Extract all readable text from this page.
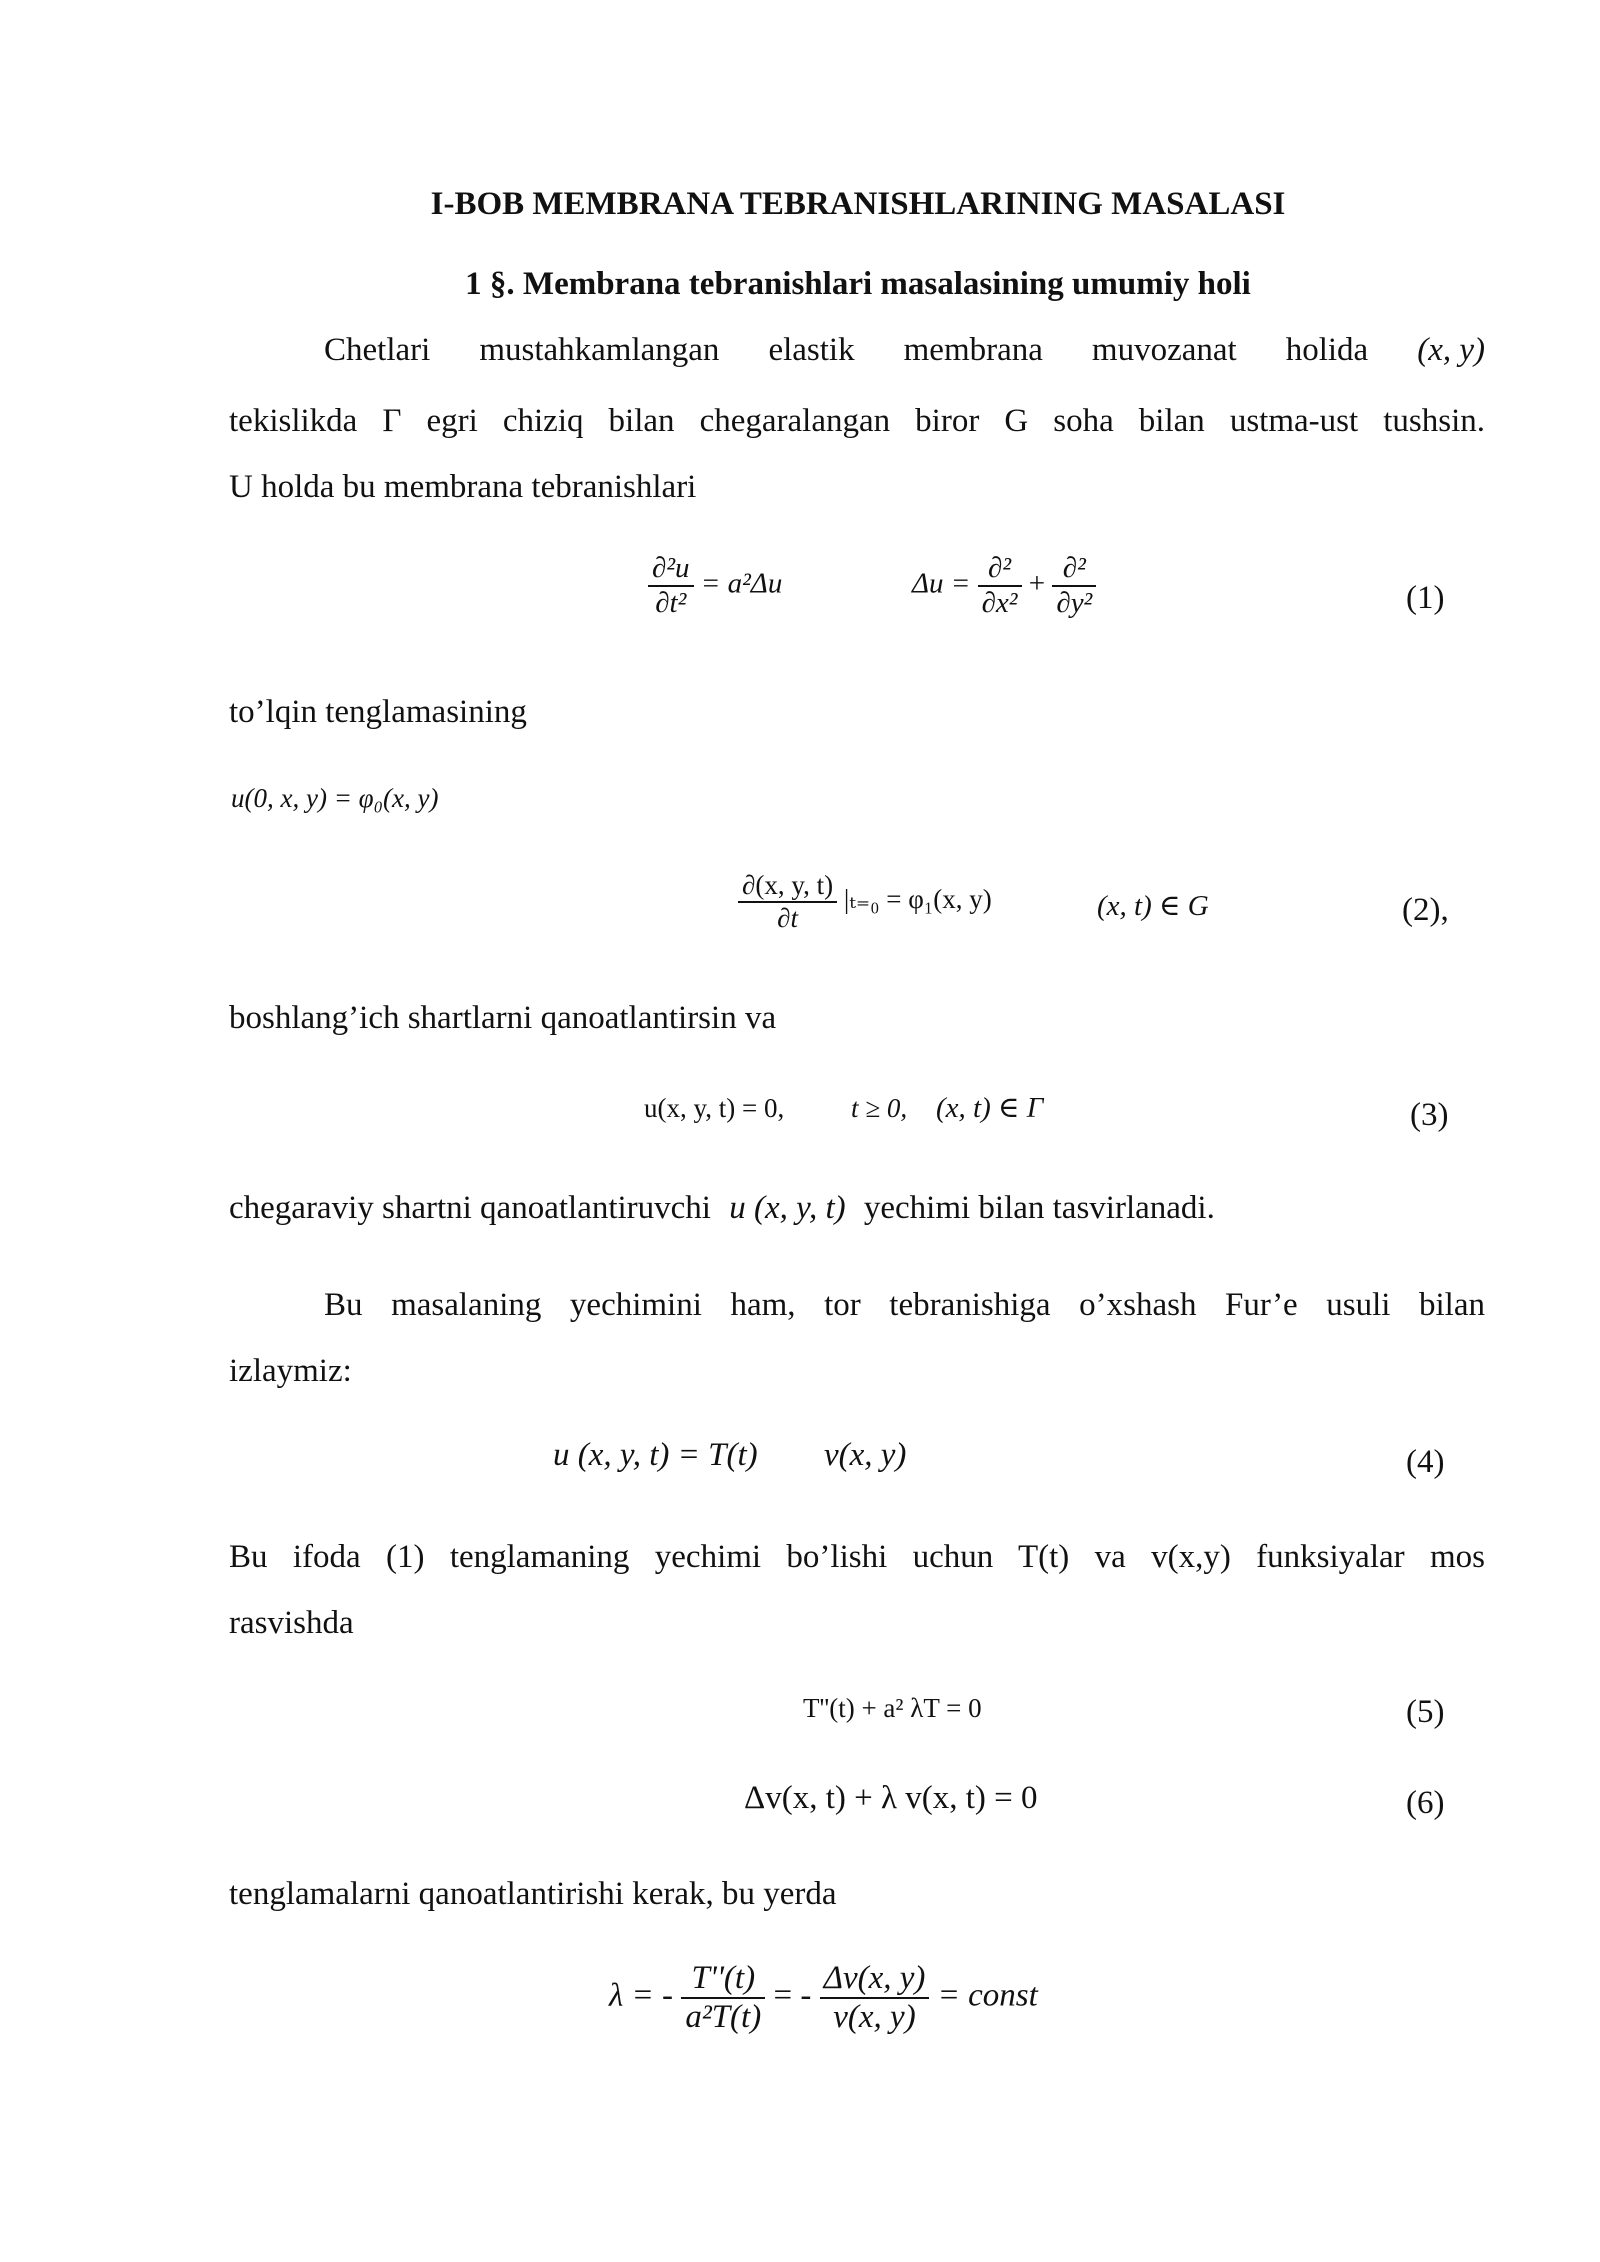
I-BOB MEMBRANA TEBRANISHLARINING MASALASI
1 §. Membrana tebranishlari masalasining umumiy holi
Chetlari mustahkamlangan elastik membrana muvozanat holida (x, y)
tekislikda Γ egri chiziq bilan chegaralangan biror G soha bilan ustma-ust tushsin.
U holda bu membrana tebranishlari
$\frac{\text{∂²u}}{\text{∂t²}} = a^2\Delta u$	$\Delta u = \frac{\text{∂²}}{\text{∂x²}} + \frac{\text{∂²}}{\text{∂y²}}$	(1)
to’lqin tenglamasining
u(0, x, y) = φ₀(x, y)
$\frac{\partial(x, y, t)}{\partial t} |_{t=0} = \varphi_1(x$, y)	(x, t) ∈ G	(2),
boshlang’ich shartlarni qanoatlantirsin va
u(x, y, t) = 0, t ≥ 0, (x, t) ∈ Γ	(3)
chegaraviy shartni qanoatlantiruvchi u (x, y, t) yechimi bilan tasvirlanadi.
Bu masalaning yechimini ham, tor tebranishiga o’xshash Fur’e usuli bilan
izlaymiz:
u (x, y, t) = T(t) v(x, y)	(4)
Bu ifoda (1) tenglamaning yechimi bo’lishi uchun T(t) va v(x,y) funksiyalar mos
rasvishda
T''(t) + a² λT = 0	(5)
Δv(x, t) + λ v(x, t) = 0	(6)
tenglamalarni qanoatlantirishi kerak, bu yerda
λ = - $\frac{T''(t)}{\text{a²T(t)}}$ = - $\frac{\Delta v(x, y)}{v(x, y)}$ = const
